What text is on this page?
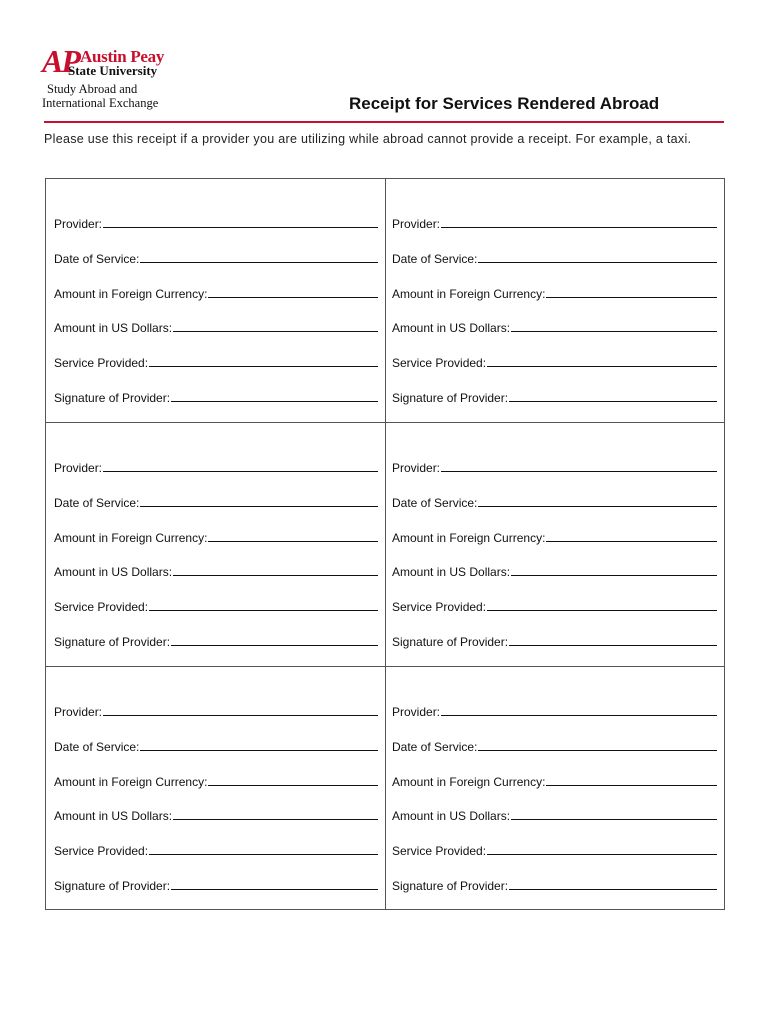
AP Austin Peay
State University
Study Abroad and
International Exchange	Receipt for Services Rendered Abroad
Please use this receipt if a provider you are utilizing while abroad cannot provide a receipt. For example, a taxi.
Provider:
Date of Service:
Amount in Foreign Currency:
Amount in US Dollars:
Service Provided:
Signature of Provider:
Provider:
Date of Service:
Amount in Foreign Currency:
Amount in US Dollars:
Service Provided:
Signature of Provider:
Provider:
Date of Service:
Amount in Foreign Currency:
Amount in US Dollars:
Service Provided:
Signature of Provider:
Provider:
Date of Service:
Amount in Foreign Currency:
Amount in US Dollars:
Service Provided:
Signature of Provider:
Provider:
Date of Service:
Amount in Foreign Currency:
Amount in US Dollars:
Service Provided:
Signature of Provider:
Provider:
Date of Service:
Amount in Foreign Currency:
Amount in US Dollars:
Service Provided:
Signature of Provider:
